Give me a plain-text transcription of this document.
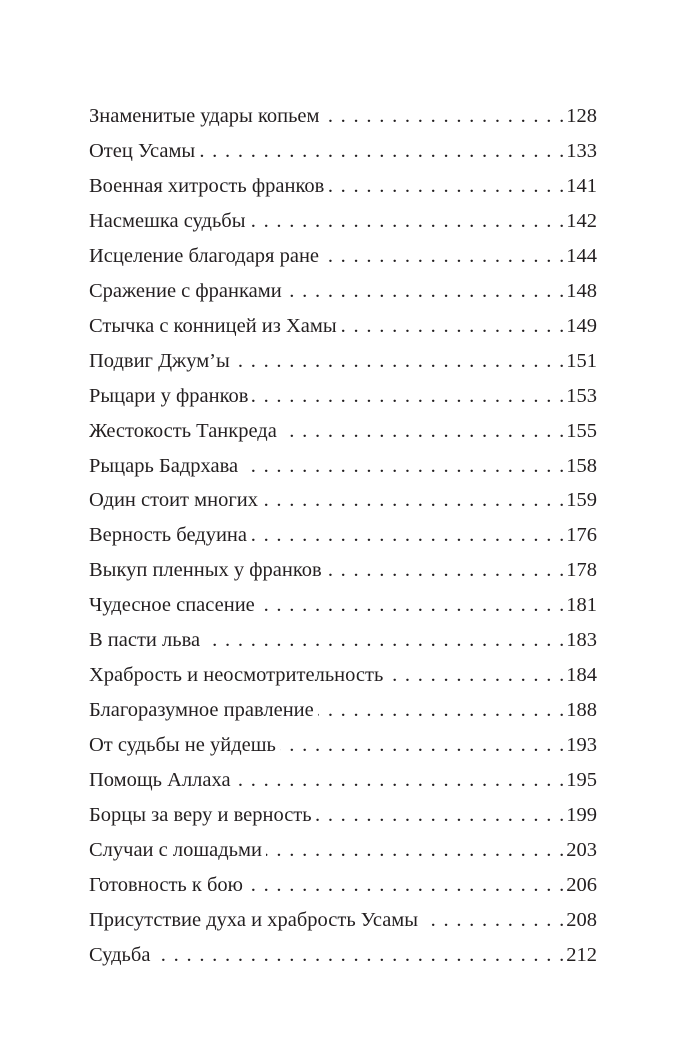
Знаменитые удары копьем . . .	128
Отец Усамы . . .	133
Военная хитрость франков . . .	141
Насмешка судьбы . . .	142
Исцеление благодаря ране . . .	144
Сражение с франками . . .	148
Стычка с конницей из Хамы . . .	149
Подвиг Джум’ы . . .	151
Рыцари у франков . . .	153
Жестокость Танкреда . . .	155
Рыцарь Бадрхава . . .	158
Один стоит многих . . .	159
Верность бедуина . . .	176
Выкуп пленных у франков . . .	178
Чудесное спасение . . .	181
В пасти льва . . .	183
Храбрость и неосмотрительность . . .	184
Благоразумное правление . . .	188
От судьбы не уйдешь . . .	193
Помощь Аллаха . . .	195
Борцы за веру и верность . . .	199
Случаи с лошадьми . . .	203
Готовность к бою . . .	206
Присутствие духа и храбрость Усамы . . .	208
Судьба . . .	212
